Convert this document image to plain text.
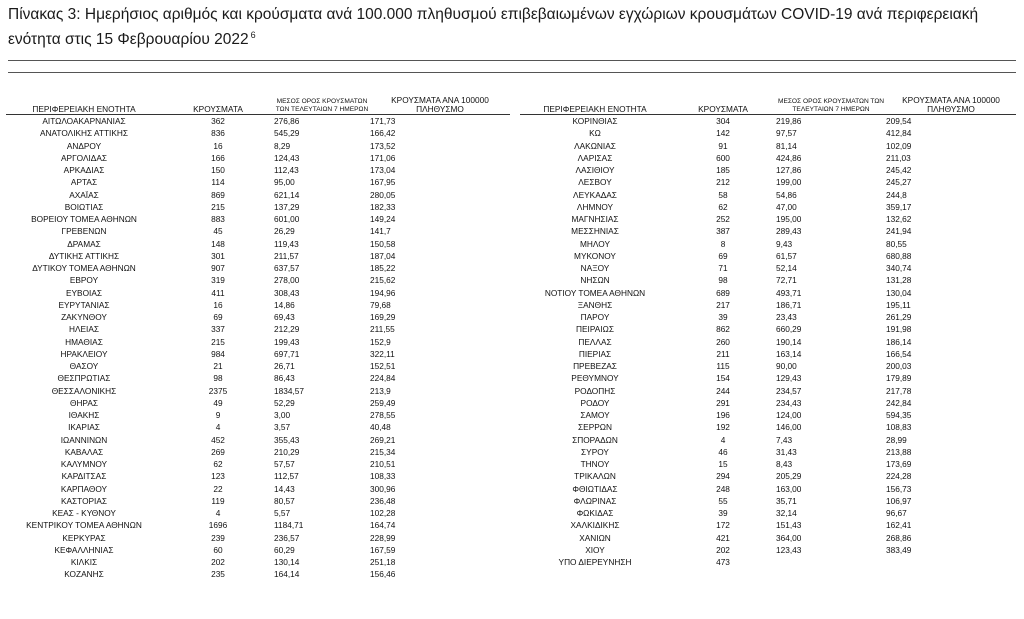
Πίνακας 3: Ημερήσιος αριθμός και κρούσματα ανά 100.000 πληθυσμού επιβεβαιωμένων εγχώριων κρουσμάτων COVID-19 ανά περιφερειακή ενότητα στις 15 Φεβρουαρίου 2022 $^6$
ΠΕΡΙΦΕΡΕΙΑΚΗ ΕΝΟΤΗΤΑ	ΚΡΟΥΣΜΑΤΑ	ΜΕΣΟΣ ΟΡΟΣ ΚΡΟΥΣΜΑΤΩΝ ΤΩΝ ΤΕΛΕΥΤΑΙΩΝ 7 ΗΜΕΡΩΝ	ΚΡΟΥΣΜΑΤΑ ΑΝΑ 100000 ΠΛΗΘΥΣΜΟ
ΑΙΤΩΛΟΑΚΑΡΝΑΝΙΑΣ	362	276,86	171,73
ΑΝΑΤΟΛΙΚΗΣ ΑΤΤΙΚΗΣ	836	545,29	166,42
ΑΝΔΡΟΥ	16	8,29	173,52
ΑΡΓΟΛΙΔΑΣ	166	124,43	171,06
ΑΡΚΑΔΙΑΣ	150	112,43	173,04
ΑΡΤΑΣ	114	95,00	167,95
ΑΧΑΪΑΣ	869	621,14	280,05
ΒΟΙΩΤΙΑΣ	215	137,29	182,33
ΒΟΡΕΙΟΥ ΤΟΜΕΑ ΑΘΗΝΩΝ	883	601,00	149,24
ΓΡΕΒΕΝΩΝ	45	26,29	141,7
ΔΡΑΜΑΣ	148	119,43	150,58
ΔΥΤΙΚΗΣ ΑΤΤΙΚΗΣ	301	211,57	187,04
ΔΥΤΙΚΟΥ ΤΟΜΕΑ ΑΘΗΝΩΝ	907	637,57	185,22
ΕΒΡΟΥ	319	278,00	215,62
ΕΥΒΟΙΑΣ	411	308,43	194,96
ΕΥΡΥΤΑΝΙΑΣ	16	14,86	79,68
ΖΑΚΥΝΘΟΥ	69	69,43	169,29
ΗΛΕΙΑΣ	337	212,29	211,55
ΗΜΑΘΙΑΣ	215	199,43	152,9
ΗΡΑΚΛΕΙΟΥ	984	697,71	322,11
ΘΑΣΟΥ	21	26,71	152,51
ΘΕΣΠΡΩΤΙΑΣ	98	86,43	224,84
ΘΕΣΣΑΛΟΝΙΚΗΣ	2375	1834,57	213,9
ΘΗΡΑΣ	49	52,29	259,49
ΙΘΑΚΗΣ	9	3,00	278,55
ΙΚΑΡΙΑΣ	4	3,57	40,48
ΙΩΑΝΝΙΝΩΝ	452	355,43	269,21
ΚΑΒΑΛΑΣ	269	210,29	215,34
ΚΑΛΥΜΝΟΥ	62	57,57	210,51
ΚΑΡΔΙΤΣΑΣ	123	112,57	108,33
ΚΑΡΠΑΘΟΥ	22	14,43	300,96
ΚΑΣΤΟΡΙΑΣ	119	80,57	236,48
ΚΕΑΣ - ΚΥΘΝΟΥ	4	5,57	102,28
ΚΕΝΤΡΙΚΟΥ ΤΟΜΕΑ ΑΘΗΝΩΝ	1696	1184,71	164,74
ΚΕΡΚΥΡΑΣ	239	236,57	228,99
ΚΕΦΑΛΛΗΝΙΑΣ	60	60,29	167,59
ΚΙΛΚΙΣ	202	130,14	251,18
ΚΟΖΑΝΗΣ	235	164,14	156,46
ΠΕΡΙΦΕΡΕΙΑΚΗ ΕΝΟΤΗΤΑ	ΚΡΟΥΣΜΑΤΑ	ΜΕΣΟΣ ΟΡΟΣ ΚΡΟΥΣΜΑΤΩΝ ΤΩΝ ΤΕΛΕΥΤΑΙΩΝ 7 ΗΜΕΡΩΝ	ΚΡΟΥΣΜΑΤΑ ΑΝΑ 100000 ΠΛΗΘΥΣΜΟ
ΚΟΡΙΝΘΙΑΣ	304	219,86	209,54
ΚΩ	142	97,57	412,84
ΛΑΚΩΝΙΑΣ	91	81,14	102,09
ΛΑΡΙΣΑΣ	600	424,86	211,03
ΛΑΣΙΘΙΟΥ	185	127,86	245,42
ΛΕΣΒΟΥ	212	199,00	245,27
ΛΕΥΚΑΔΑΣ	58	54,86	244,8
ΛΗΜΝΟΥ	62	47,00	359,17
ΜΑΓΝΗΣΙΑΣ	252	195,00	132,62
ΜΕΣΣΗΝΙΑΣ	387	289,43	241,94
ΜΗΛΟΥ	8	9,43	80,55
ΜΥΚΟΝΟΥ	69	61,57	680,88
ΝΑΞΟΥ	71	52,14	340,74
ΝΗΣΩΝ	98	72,71	131,28
ΝΟΤΙΟΥ ΤΟΜΕΑ ΑΘΗΝΩΝ	689	493,71	130,04
ΞΑΝΘΗΣ	217	186,71	195,11
ΠΑΡΟΥ	39	23,43	261,29
ΠΕΙΡΑΙΩΣ	862	660,29	191,98
ΠΕΛΛΑΣ	260	190,14	186,14
ΠΙΕΡΙΑΣ	211	163,14	166,54
ΠΡΕΒΕΖΑΣ	115	90,00	200,03
ΡΕΘΥΜΝΟΥ	154	129,43	179,89
ΡΟΔΟΠΗΣ	244	234,57	217,78
ΡΟΔΟΥ	291	234,43	242,84
ΣΑΜΟΥ	196	124,00	594,35
ΣΕΡΡΩΝ	192	146,00	108,83
ΣΠΟΡΑΔΩΝ	4	7,43	28,99
ΣΥΡΟΥ	46	31,43	213,88
ΤΗΝΟΥ	15	8,43	173,69
ΤΡΙΚΑΛΩΝ	294	205,29	224,28
ΦΘΙΩΤΙΔΑΣ	248	163,00	156,73
ΦΛΩΡΙΝΑΣ	55	35,71	106,97
ΦΩΚΙΔΑΣ	39	32,14	96,67
ΧΑΛΚΙΔΙΚΗΣ	172	151,43	162,41
ΧΑΝΙΩΝ	421	364,00	268,86
ΧΙΟΥ	202	123,43	383,49
ΥΠΟ ΔΙΕΡΕΥΝΗΣΗ	473		
